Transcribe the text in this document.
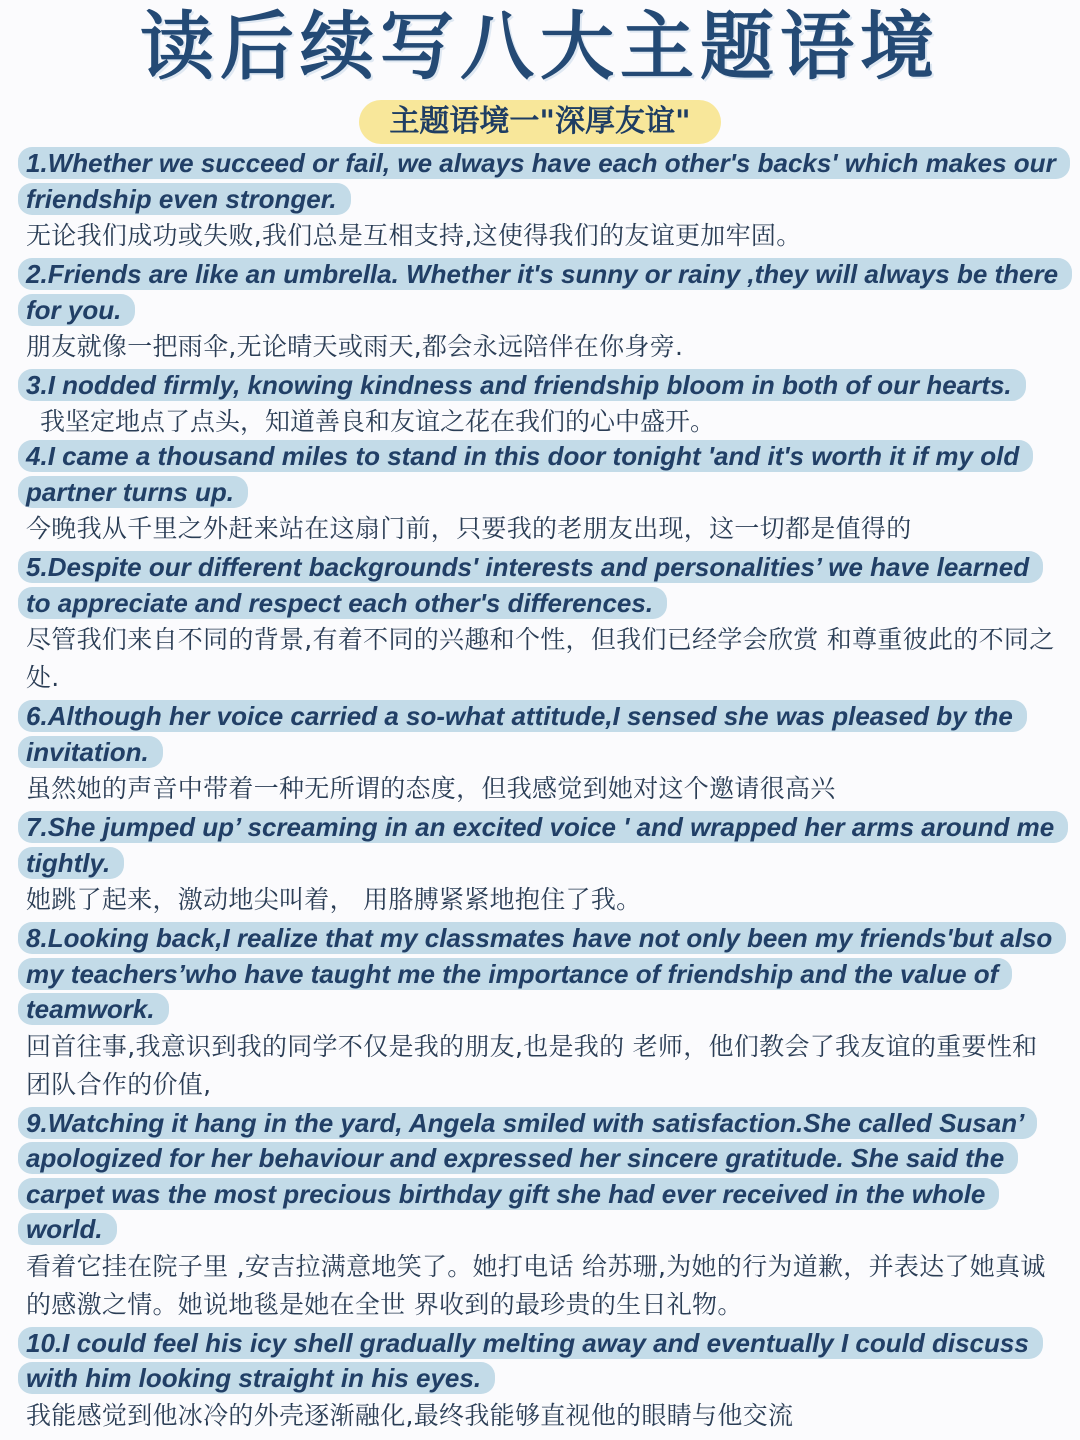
读后续写八大主题语境
主题语境一"深厚友谊"

1.Whether we succeed or fail, we always have each other's backs' which makes our friendship even stronger.

无论我们成功或失败,我们总是互相支持,这使得我们的友谊更加牢固。

2.Friends are like an umbrella. Whether it's sunny or rainy ,they will always be there for you.

朋友就像一把雨伞,无论晴天或雨天,都会永远陪伴在你身旁.

3.I nodded firmly, knowing kindness and friendship bloom in both of our hearts.我坚定地点了点头，知道善良和友谊之花在我们的心中盛开。

4.I came a thousand miles to stand in this door tonight 'and it's worth it if my old partner turns up.

今晚我从千里之外赶来站在这扇门前，只要我的老朋友出现，这一切都是值得的

5.Despite our different backgrounds' interests and personalities’ we have learned to appreciate and respect each other's differences.

尽管我们来自不同的背景,有着不同的兴趣和个性，但我们已经学会欣赏 和尊重彼此的不同之处.

6.Although her voice carried a so-what attitude,I sensed she was pleased by the invitation.

虽然她的声音中带着一种无所谓的态度，但我感觉到她对这个邀请很高兴

7.She jumped up’ screaming in an excited voice ' and wrapped her arms around me tightly.

她跳了起来，激动地尖叫着， 用胳膊紧紧地抱住了我。

8.Looking back,I realize that my classmates have not only been my friends'but also my teachers’who have taught me the importance of friendship and the value of teamwork.

回首往事,我意识到我的同学不仅是我的朋友,也是我的 老师，他们教会了我友谊的重要性和团队合作的价值,

9.Watching it hang in the yard, Angela smiled with satisfaction.She called Susan’ apologized for her behaviour and expressed her sincere gratitude. She said the carpet was the most precious birthday gift she had ever received in the whole world.

看着它挂在院子里 ,安吉拉满意地笑了。她打电话 给苏珊,为她的行为道歉，并表达了她真诚的感激之情。她说地毯是她在全世 界收到的最珍贵的生日礼物。

10.I could feel his icy shell gradually melting away and eventually I could discuss with him looking straight in his eyes.

我能感觉到他冰冷的外壳逐渐融化,最终我能够直视他的眼睛与他交流
